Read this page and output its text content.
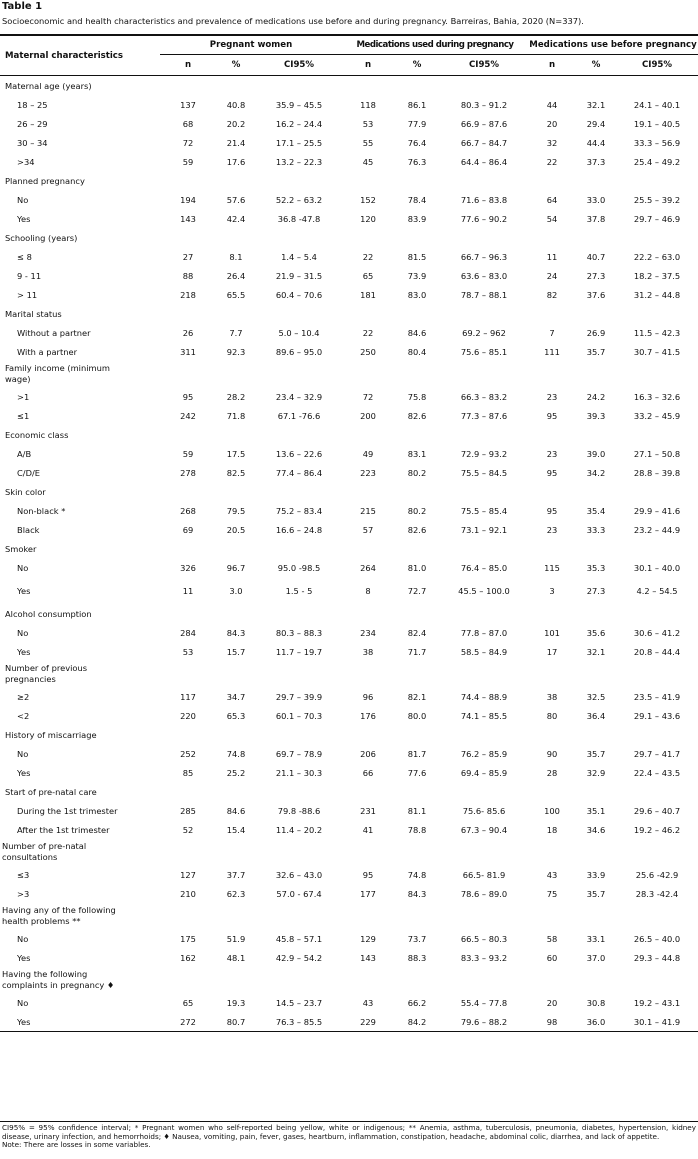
Table 1
Socioeconomic and health characteristics and prevalence of medications use before and during pregnancy. Barreiras, Bahia, 2020 (N=337).
Maternal characteristics	Pregnant women			Medications used during pregnancy			Medications use before pregnancy		
	n	%	CI95%	n	%	CI95%	n	%	CI95%
Maternal age (years)									
18 – 25	137	40.8	35.9 – 45.5	118	86.1	80.3 – 91.2	44	32.1	24.1 – 40.1
26 – 29	68	20.2	16.2 – 24.4	53	77.9	66.9 – 87.6	20	29.4	19.1 – 40.5
30 – 34	72	21.4	17.1 – 25.5	55	76.4	66.7 – 84.7	32	44.4	33.3 – 56.9
>34	59	17.6	13.2 – 22.3	45	76.3	64.4 – 86.4	22	37.3	25.4 – 49.2
Planned pregnancy									
No	194	57.6	52.2 – 63.2	152	78.4	71.6 – 83.8	64	33.0	25.5 – 39.2
Yes	143	42.4	36.8 -47.8	120	83.9	77.6 – 90.2	54	37.8	29.7 – 46.9
Schooling (years)									
≤ 8	27	8.1	1.4 – 5.4	22	81.5	66.7 – 96.3	11	40.7	22.2 – 63.0
9 - 11	88	26.4	21.9 – 31.5	65	73.9	63.6 – 83.0	24	27.3	18.2 – 37.5
> 11	218	65.5	60.4 – 70.6	181	83.0	78.7 – 88.1	82	37.6	31.2 – 44.8
Marital status									
Without a partner	26	7.7	5.0 – 10.4	22	84.6	69.2 – 962	7	26.9	11.5 – 42.3
With a partner	311	92.3	89.6 – 95.0	250	80.4	75.6 – 85.1	111	35.7	30.7 – 41.5
Family income (minimum wage)									
>1	95	28.2	23.4 – 32.9	72	75.8	66.3 – 83.2	23	24.2	16.3 – 32.6
≤1	242	71.8	67.1 -76.6	200	82.6	77.3 – 87.6	95	39.3	33.2 – 45.9
Economic class									
A/B	59	17.5	13.6 – 22.6	49	83.1	72.9 – 93.2	23	39.0	27.1 – 50.8
C/D/E	278	82.5	77.4 – 86.4	223	80.2	75.5 – 84.5	95	34.2	28.8 – 39.8
Skin color									
Non-black *	268	79.5	75.2 – 83.4	215	80.2	75.5 – 85.4	95	35.4	29.9 – 41.6
Black	69	20.5	16.6 – 24.8	57	82.6	73.1 – 92.1	23	33.3	23.2 – 44.9
Smoker									
No	326	96.7	95.0 -98.5	264	81.0	76.4 – 85.0	115	35.3	30.1 – 40.0
Yes	11	3.0	1.5 - 5	8	72.7	45.5 – 100.0	3	27.3	4.2 – 54.5
Alcohol consumption									
No	284	84.3	80.3 – 88.3	234	82.4	77.8 – 87.0	101	35.6	30.6 – 41.2
Yes	53	15.7	11.7 – 19.7	38	71.7	58.5 – 84.9	17	32.1	20.8 – 44.4
Number of previous pregnancies									
≥2	117	34.7	29.7 – 39.9	96	82.1	74.4 – 88.9	38	32.5	23.5 – 41.9
<2	220	65.3	60.1 – 70.3	176	80.0	74.1 – 85.5	80	36.4	29.1 – 43.6
History of miscarriage									
No	252	74.8	69.7 – 78.9	206	81.7	76.2 – 85.9	90	35.7	29.7 – 41.7
Yes	85	25.2	21.1 – 30.3	66	77.6	69.4 – 85.9	28	32.9	22.4 – 43.5
Start of pre-natal care									
During the 1st trimester	285	84.6	79.8 -88.6	231	81.1	75.6- 85.6	100	35.1	29.6 – 40.7
After the 1st trimester	52	15.4	11.4 – 20.2	41	78.8	67.3 – 90.4	18	34.6	19.2 – 46.2
Number of pre-natal consultations									
≤3	127	37.7	32.6 – 43.0	95	74.8	66.5- 81.9	43	33.9	25.6 -42.9
>3	210	62.3	57.0 - 67.4	177	84.3	78.6 – 89.0	75	35.7	28.3 -42.4
Having any of the following health problems **									
No	175	51.9	45.8 – 57.1	129	73.7	66.5 – 80.3	58	33.1	26.5 – 40.0
Yes	162	48.1	42.9 – 54.2	143	88.3	83.3 – 93.2	60	37.0	29.3 – 44.8
Having the following complaints in pregnancy ♦									
No	65	19.3	14.5 – 23.7	43	66.2	55.4 – 77.8	20	30.8	19.2 – 43.1
Yes	272	80.7	76.3 – 85.5	229	84.2	79.6 – 88.2	98	36.0	30.1 – 41.9

CI95% = 95% confidence interval; * Pregnant women who self-reported being yellow, white or indigenous; ** Anemia, asthma, tuberculosis, pneumonia, diabetes, hypertension, kidney disease, urinary infection, and hemorrhoids; ♦ Nausea, vomiting, pain, fever, gases, heartburn, inflammation, constipation, headache, abdominal colic, diarrhea, and lack of appetite.

Note: There are losses in some variables.
